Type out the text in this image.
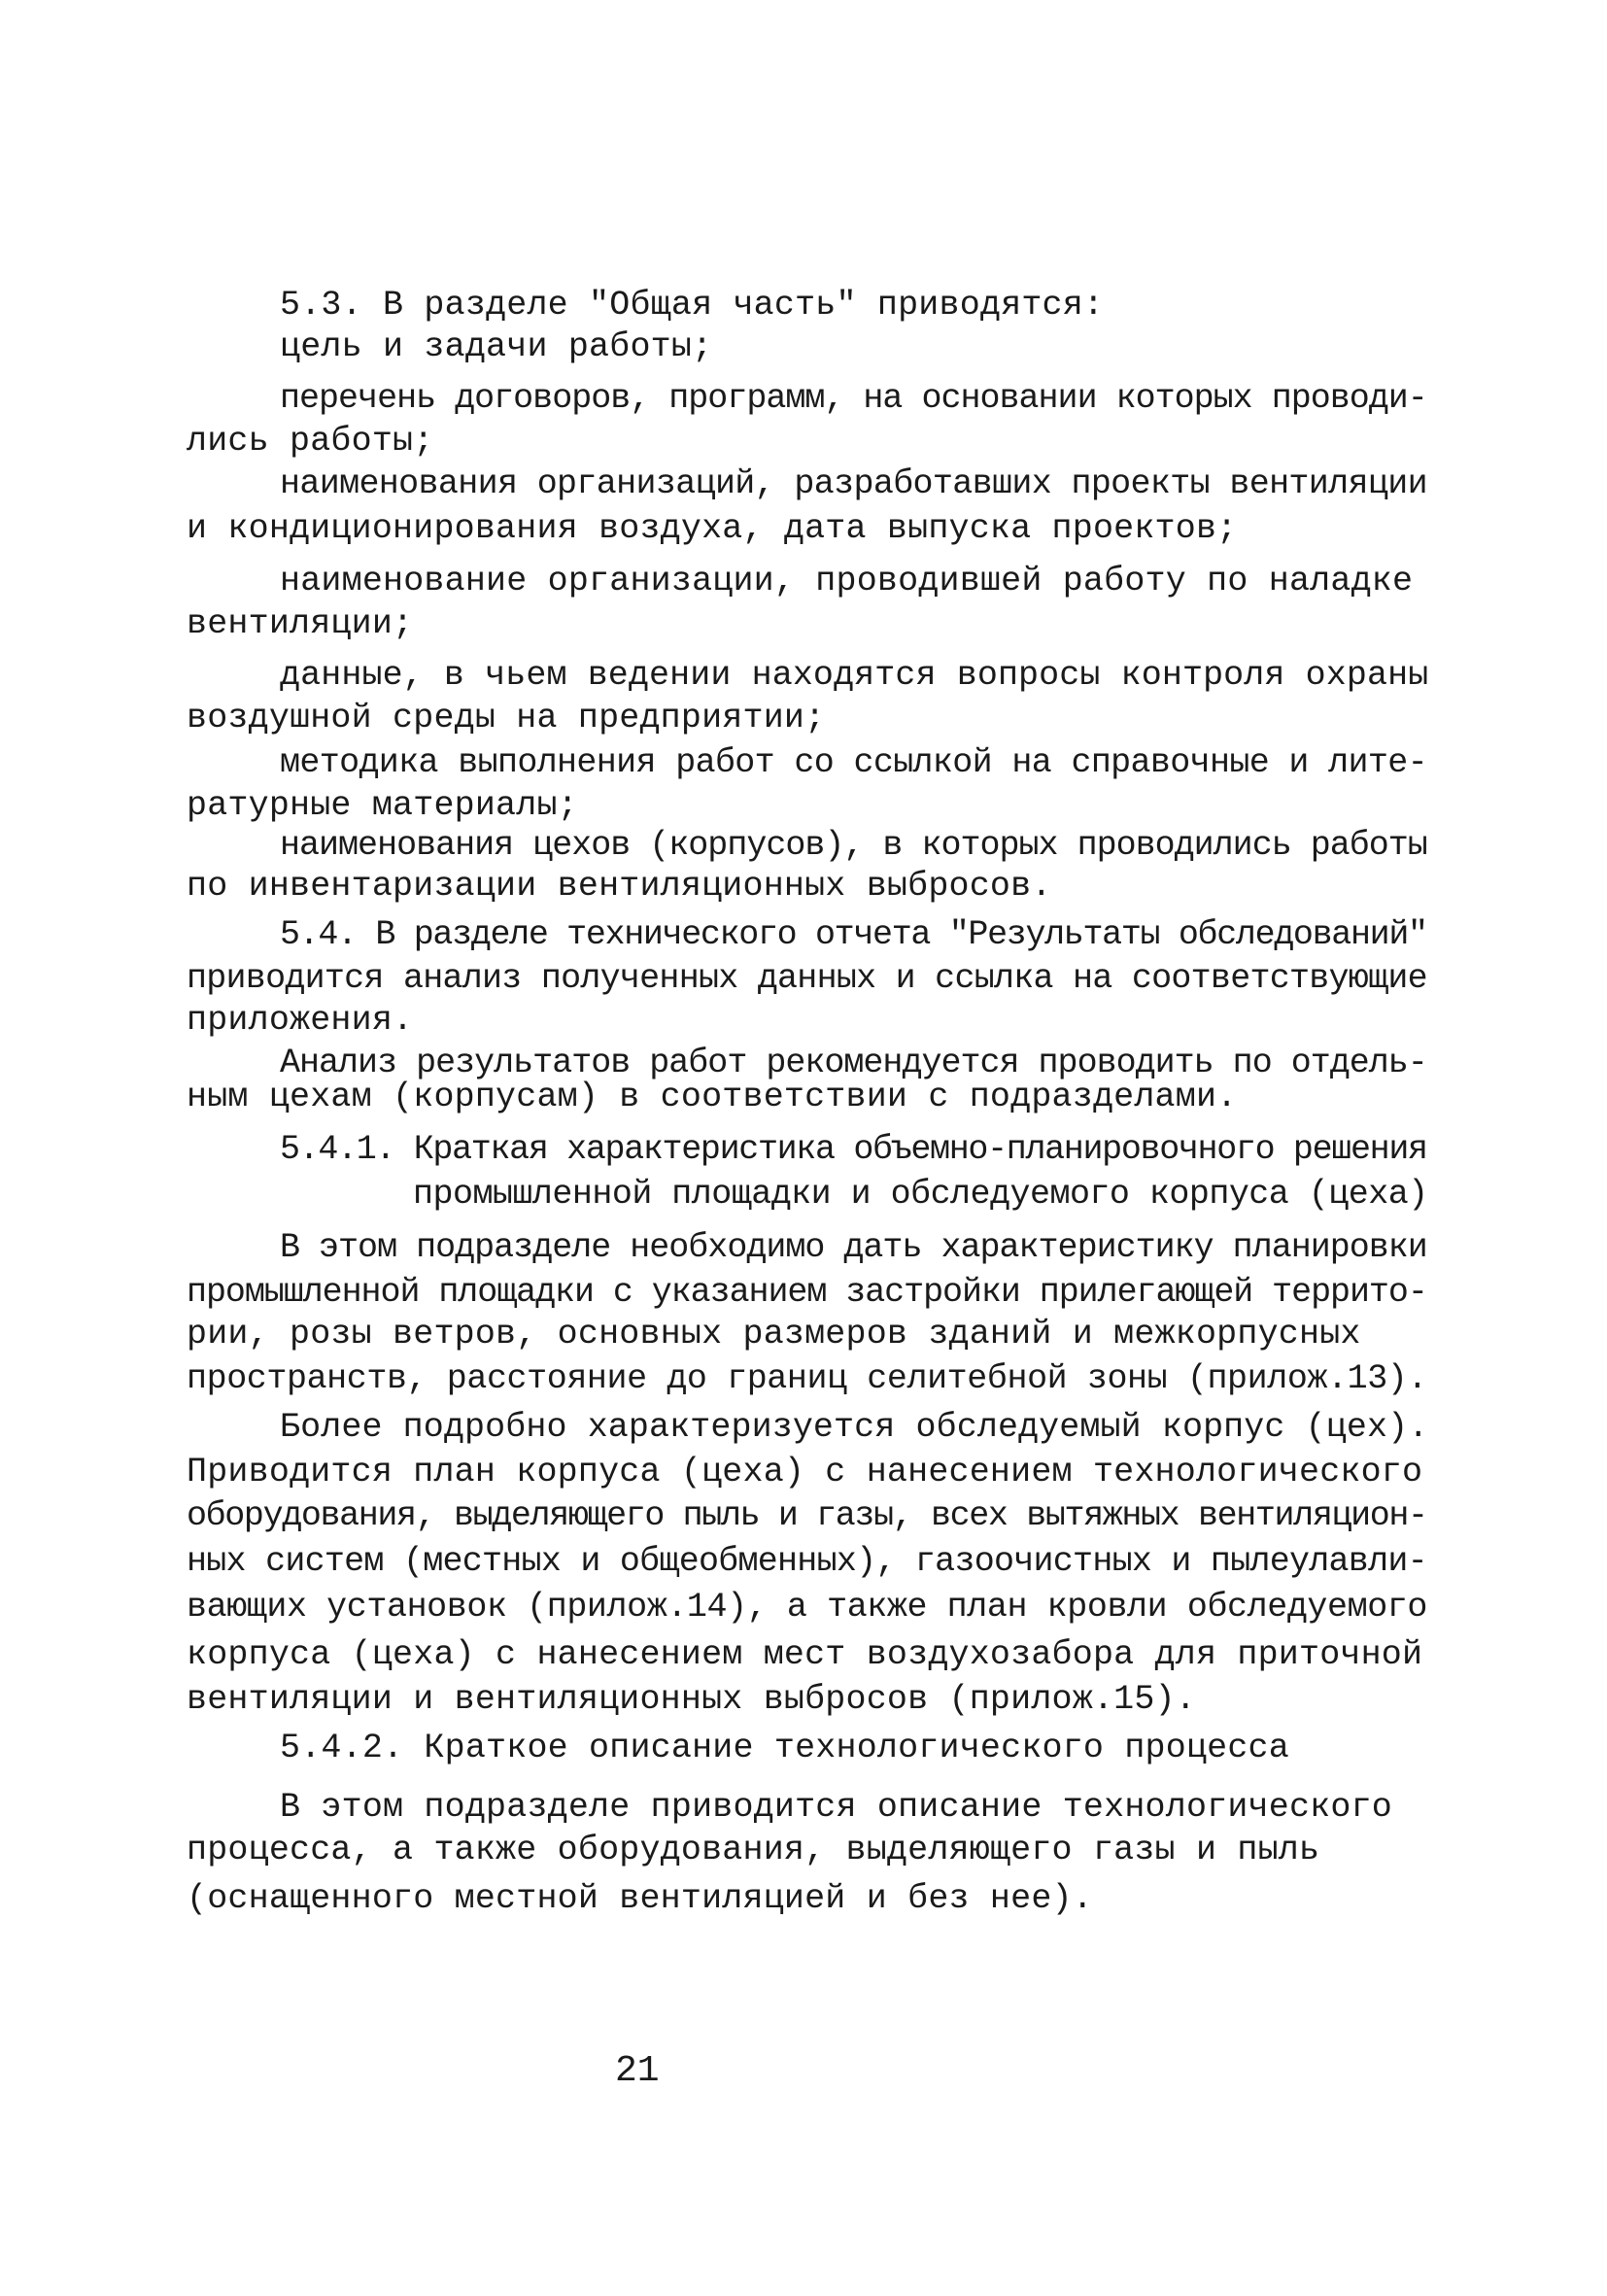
5.3. В разделе "Общая часть" приводятся:
цель и задачи работы;
перечень договоров, программ, на основании которых проводи-
лись работы;
наименования организаций, разработавших проекты вентиляции
и кондиционирования воздуха, дата выпуска проектов;
наименование организации, проводившей работу по наладке
вентиляции;
данные, в чьем ведении находятся вопросы контроля охраны
воздушной среды на предприятии;
методика выполнения работ со ссылкой на справочные и лите-
ратурные материалы;
наименования цехов (корпусов), в которых проводились работы
по инвентаризации вентиляционных выбросов.
5.4. В разделе технического отчета "Результаты обследований"
приводится анализ полученных данных и ссылка на соответствующие
приложения.
Анализ результатов работ рекомендуется проводить по отдель-
ным цехам (корпусам) в соответствии с подразделами.
5.4.1. Краткая характеристика объемно-планировочного решения
промышленной площадки и обследуемого корпуса (цеха)
В этом подразделе необходимо дать характеристику планировки
промышленной площадки с указанием застройки прилегающей террито-
рии, розы ветров, основных размеров зданий и межкорпусных
пространств, расстояние до границ селитебной зоны (прилож.13).
Более подробно характеризуется обследуемый корпус (цех).
Приводится план корпуса (цеха) с нанесением технологического
оборудования, выделяющего пыль и газы, всех вытяжных вентиляцион-
ных систем (местных и общеобменных), газоочистных и пылеулавли-
вающих установок (прилож.14), а также план кровли обследуемого
корпуса (цеха) с нанесением мест воздухозабора для приточной
вентиляции и вентиляционных выбросов (прилож.15).
5.4.2. Краткое описание технологического процесса
В этом подразделе приводится описание технологического
процесса, а также оборудования, выделяющего газы и пыль
(оснащенного местной вентиляцией и без нее).
21
